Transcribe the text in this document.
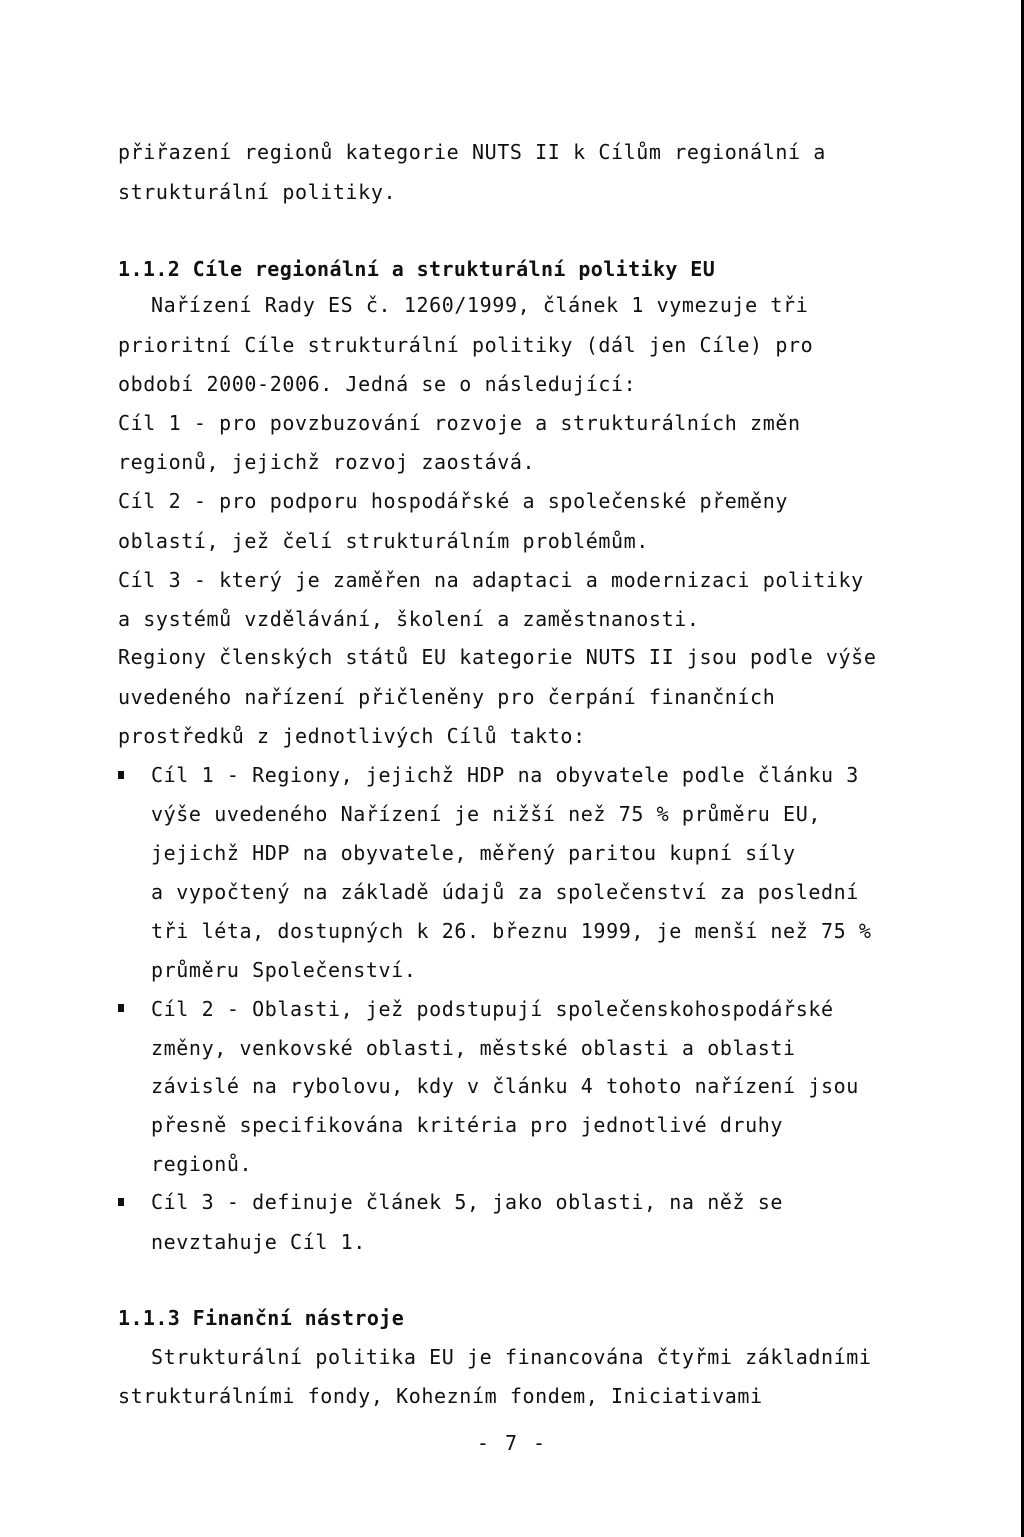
přiřazení regionů kategorie NUTS II k Cílům regionální a
strukturální politiky.
1.1.2 Cíle regionální a strukturální politiky EU
Nařízení Rady ES č. 1260/1999, článek 1 vymezuje tři
prioritní Cíle strukturální politiky (dál jen Cíle) pro
období 2000-2006. Jedná se o následující:
Cíl 1 - pro povzbuzování rozvoje a strukturálních změn
regionů, jejichž rozvoj zaostává.
Cíl 2 - pro podporu hospodářské a společenské přeměny
oblastí, jež čelí strukturálním problémům.
Cíl 3 - který je zaměřen na adaptaci a modernizaci politiky
a systémů vzdělávání, školení a zaměstnanosti.
Regiony členských států EU kategorie NUTS II jsou podle výše
uvedeného nařízení přičleněny pro čerpání finančních
prostředků z jednotlivých Cílů takto:
Cíl 1 - Regiony, jejichž HDP na obyvatele podle článku 3
výše uvedeného Nařízení je nižší než 75 % průměru EU,
jejichž HDP na obyvatele, měřený paritou kupní síly
a vypočtený na základě údajů za společenství za poslední
tři léta, dostupných k 26. březnu 1999, je menší než 75 %
průměru Společenství.
Cíl 2 - Oblasti, jež podstupují společenskohospodářské
změny, venkovské oblasti, městské oblasti a oblasti
závislé na rybolovu, kdy v článku 4 tohoto nařízení jsou
přesně specifikována kritéria pro jednotlivé druhy
regionů.
Cíl 3 - definuje článek 5, jako oblasti, na něž se
nevztahuje Cíl 1.
1.1.3 Finanční nástroje
Strukturální politika EU je financována čtyřmi základními
strukturálními fondy, Kohezním fondem, Iniciativami
- 7 -
